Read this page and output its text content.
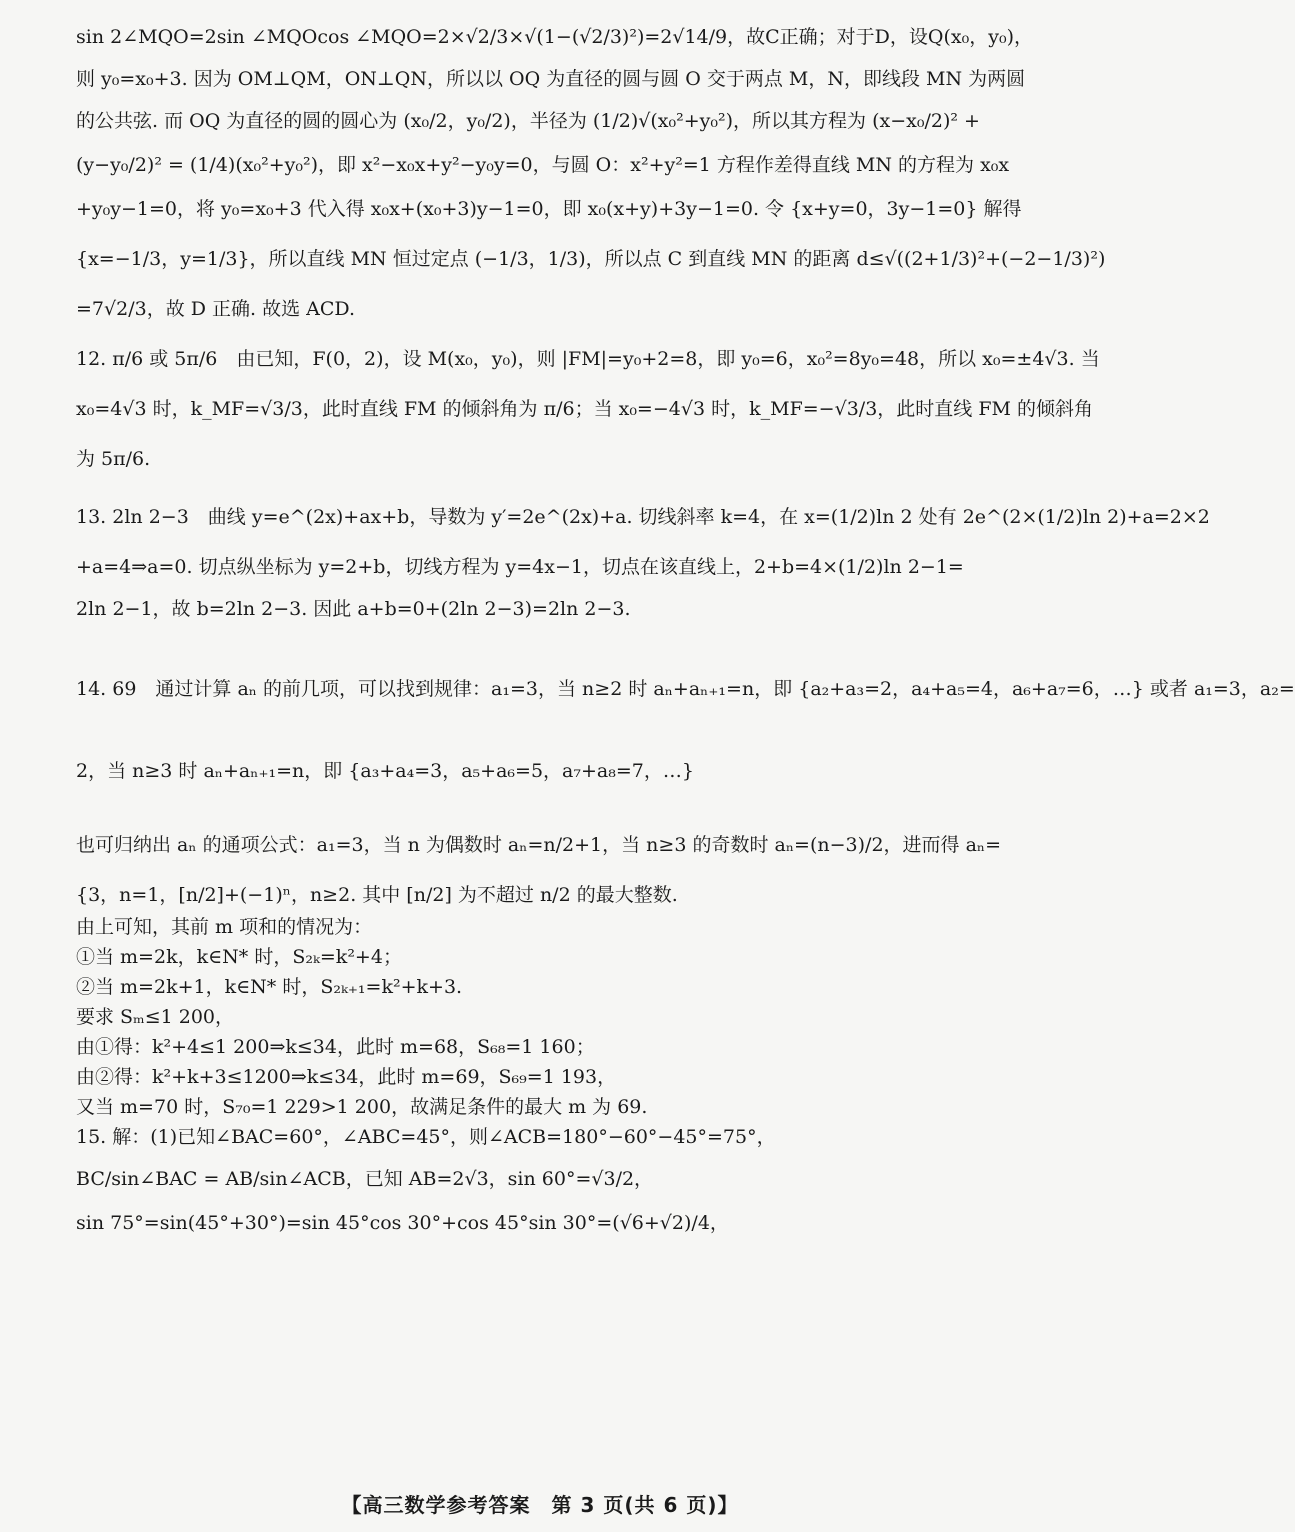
sin 2∠MQO=2sin ∠MQOcos ∠MQO=2×√2/3×√(1−(√2/3)²)=2√14/9，故C正确；对于D，设Q(x₀，y₀)，
则 y₀=x₀+3. 因为 OM⊥QM，ON⊥QN，所以以 OQ 为直径的圆与圆 O 交于两点 M，N，即线段 MN 为两圆
的公共弦. 而 OQ 为直径的圆的圆心为 (x₀/2，y₀/2)，半径为 (1/2)√(x₀²+y₀²)，所以其方程为 (x−x₀/2)² +
(y−y₀/2)² = (1/4)(x₀²+y₀²)，即 x²−x₀x+y²−y₀y=0，与圆 O：x²+y²=1 方程作差得直线 MN 的方程为 x₀x
+y₀y−1=0，将 y₀=x₀+3 代入得 x₀x+(x₀+3)y−1=0，即 x₀(x+y)+3y−1=0. 令 {x+y=0，3y−1=0} 解得
{x=−1/3，y=1/3}，所以直线 MN 恒过定点 (−1/3，1/3)，所以点 C 到直线 MN 的距离 d≤√((2+1/3)²+(−2−1/3)²)
=7√2/3，故 D 正确. 故选 ACD.
12. π/6 或 5π/6　由已知，F(0，2)，设 M(x₀，y₀)，则 |FM|=y₀+2=8，即 y₀=6，x₀²=8y₀=48，所以 x₀=±4√3. 当
x₀=4√3 时，k_MF=√3/3，此时直线 FM 的倾斜角为 π/6；当 x₀=−4√3 时，k_MF=−√3/3，此时直线 FM 的倾斜角
为 5π/6.
13. 2ln 2−3　曲线 y=e^(2x)+ax+b，导数为 y′=2e^(2x)+a. 切线斜率 k=4，在 x=(1/2)ln 2 处有 2e^(2×(1/2)ln 2)+a=2×2
+a=4⇒a=0. 切点纵坐标为 y=2+b，切线方程为 y=4x−1，切点在该直线上，2+b=4×(1/2)ln 2−1=
2ln 2−1，故 b=2ln 2−3. 因此 a+b=0+(2ln 2−3)=2ln 2−3.
14. 69　通过计算 aₙ 的前几项，可以找到规律：a₁=3，当 n≥2 时 aₙ+aₙ₊₁=n，即 {a₂+a₃=2，a₄+a₅=4，a₆+a₇=6，…} 或者 a₁=3，a₂=
2，当 n≥3 时 aₙ+aₙ₊₁=n，即 {a₃+a₄=3，a₅+a₆=5，a₇+a₈=7，…}
也可归纳出 aₙ 的通项公式：a₁=3，当 n 为偶数时 aₙ=n/2+1，当 n≥3 的奇数时 aₙ=(n−3)/2，进而得 aₙ=
{3，n=1，[n/2]+(−1)ⁿ，n≥2. 其中 [n/2] 为不超过 n/2 的最大整数.
由上可知，其前 m 项和的情况为：
①当 m=2k，k∈N* 时，S₂ₖ=k²+4；
②当 m=2k+1，k∈N* 时，S₂ₖ₊₁=k²+k+3.
要求 Sₘ≤1 200，
由①得：k²+4≤1 200⇒k≤34，此时 m=68，S₆₈=1 160；
由②得：k²+k+3≤1200⇒k≤34，此时 m=69，S₆₉=1 193，
又当 m=70 时，S₇₀=1 229>1 200，故满足条件的最大 m 为 69.
15. 解：(1)已知∠BAC=60°，∠ABC=45°，则∠ACB=180°−60°−45°=75°，
BC/sin∠BAC = AB/sin∠ACB，已知 AB=2√3，sin 60°=√3/2，
sin 75°=sin(45°+30°)=sin 45°cos 30°+cos 45°sin 30°=(√6+√2)/4，
【高三数学参考答案　第 3 页(共 6 页)】
